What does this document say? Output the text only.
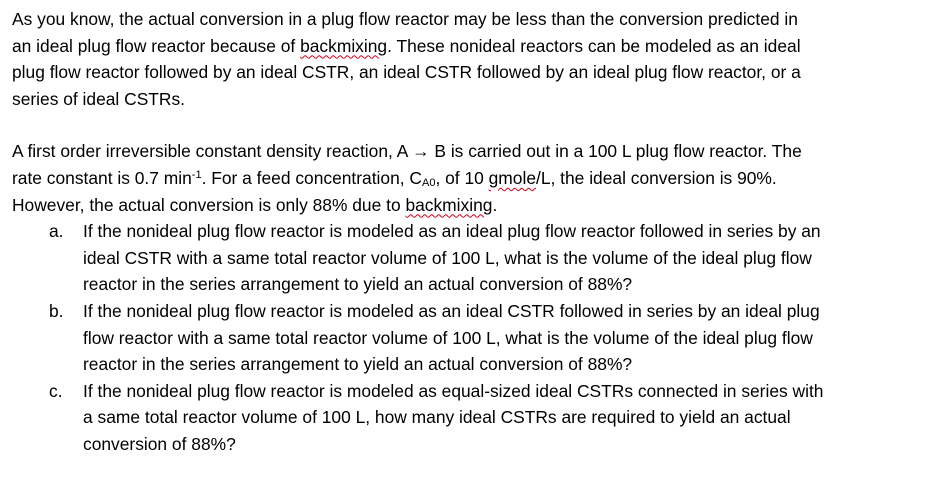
As you know, the actual conversion in a plug flow reactor may be less than the conversion predicted in
an ideal plug flow reactor because of backmixing. These nonideal reactors can be modeled as an ideal
plug flow reactor followed by an ideal CSTR, an ideal CSTR followed by an ideal plug flow reactor, or a
series of ideal CSTRs.

A first order irreversible constant density reaction, A → B is carried out in a 100 L plug flow reactor. The
rate constant is 0.7 $\min^{-1}$. For a feed concentration, $C_{A0}$, of 10 gmole/L, the ideal conversion is 90%.
However, the actual conversion is only 88% due to backmixing.

a. If the nonideal plug flow reactor is modeled as an ideal plug flow reactor followed in series by an
ideal CSTR with a same total reactor volume of 100 L, what is the volume of the ideal plug flow
reactor in the series arrangement to yield an actual conversion of 88%?
b. If the nonideal plug flow reactor is modeled as an ideal CSTR followed in series by an ideal plug
flow reactor with a same total reactor volume of 100 L, what is the volume of the ideal plug flow
reactor in the series arrangement to yield an actual conversion of 88%?
c. If the nonideal plug flow reactor is modeled as equal-sized ideal CSTRs connected in series with
a same total reactor volume of 100 L, how many ideal CSTRs are required to yield an actual
conversion of 88%?
